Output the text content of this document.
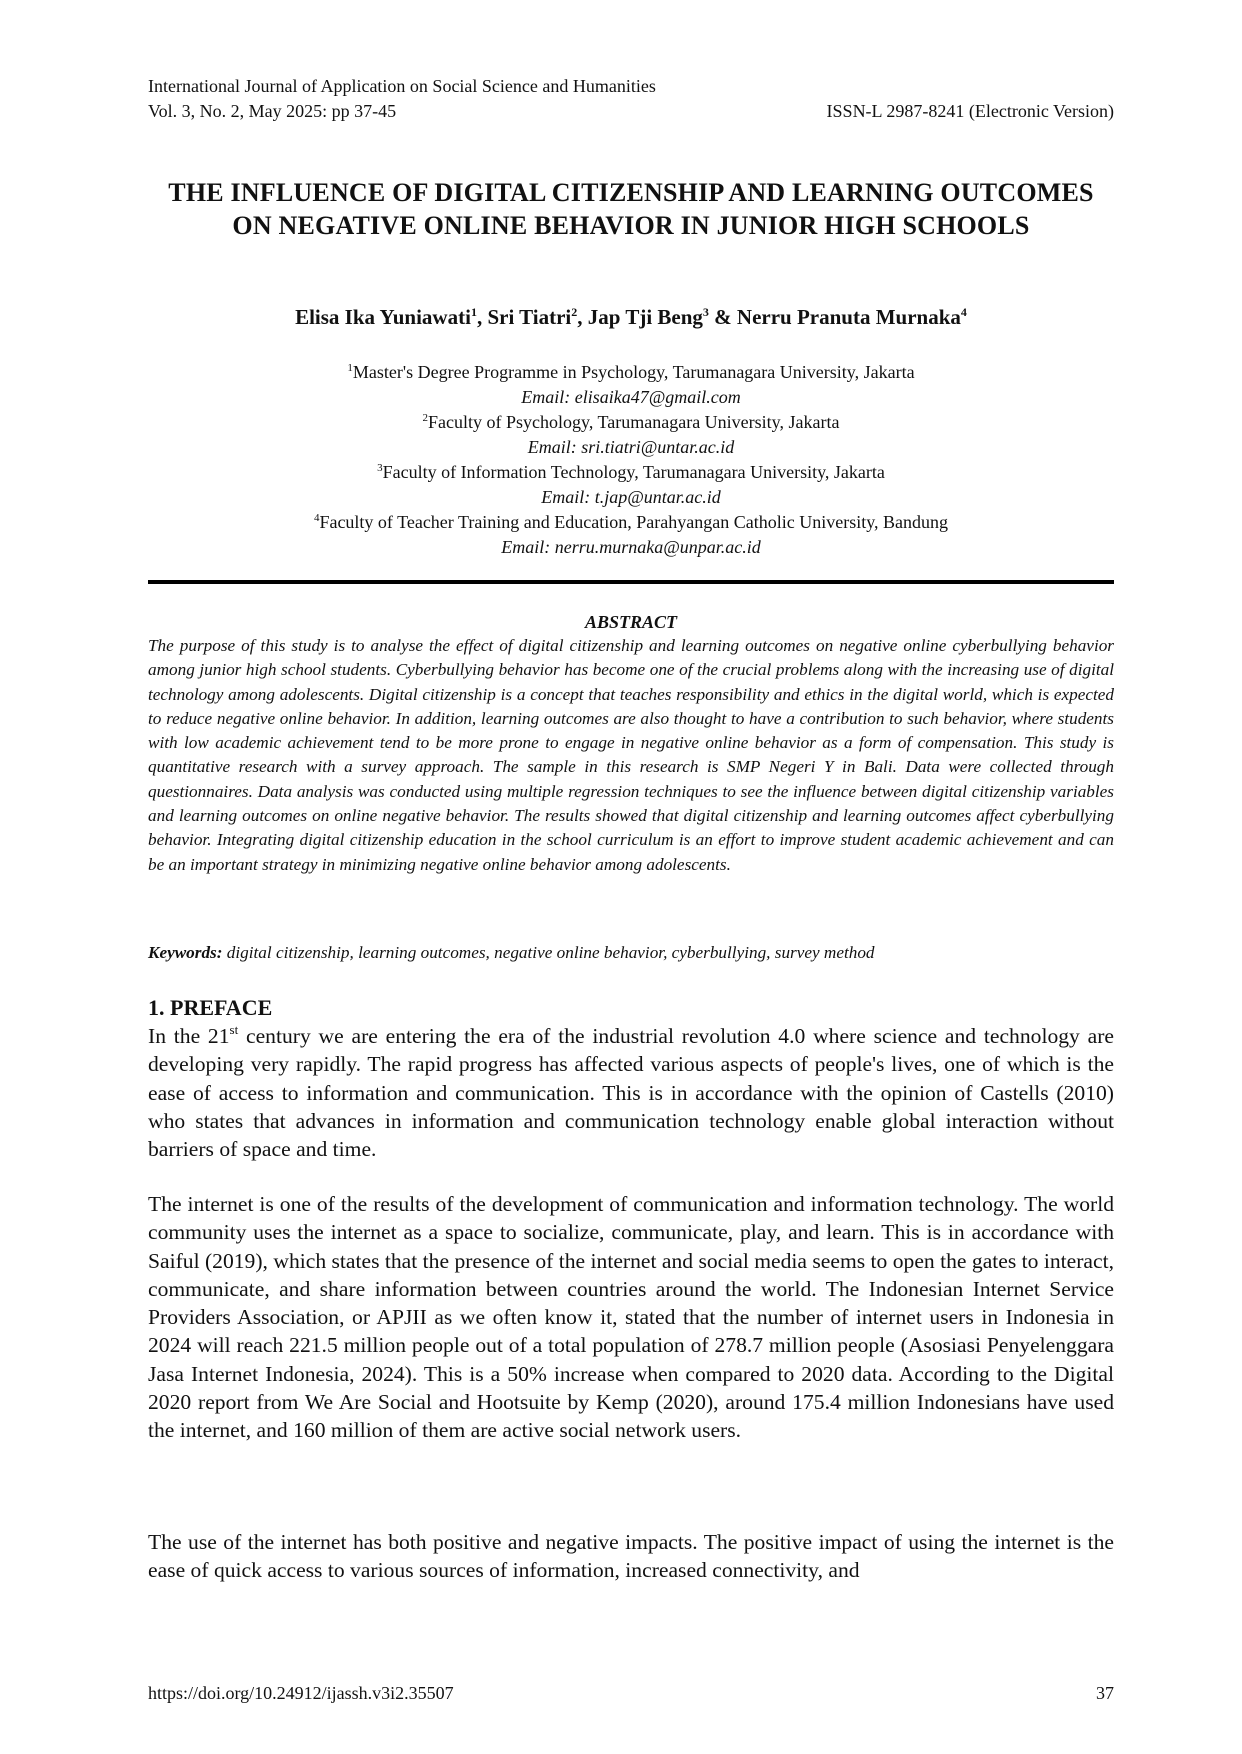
International Journal of Application on Social Science and Humanities
Vol. 3, No. 2, May 2025: pp 37-45	ISSN-L 2987-8241 (Electronic Version)
THE INFLUENCE OF DIGITAL CITIZENSHIP AND LEARNING OUTCOMES ON NEGATIVE ONLINE BEHAVIOR IN JUNIOR HIGH SCHOOLS
Elisa Ika Yuniawati$^1$, Sri Tiatri$^2$, Jap Tji Beng$^3$ & Nerru Pranuta Murnaka$^4$
$^1$Master's Degree Programme in Psychology, Tarumanagara University, Jakarta
Email: elisaika47@gmail.com
$^2$Faculty of Psychology, Tarumanagara University, Jakarta
Email: sri.tiatri@untar.ac.id
$^3$Faculty of Information Technology, Tarumanagara University, Jakarta
Email: t.jap@untar.ac.id
$^4$Faculty of Teacher Training and Education, Parahyangan Catholic University, Bandung
Email: nerru.murnaka@unpar.ac.id
ABSTRACT
The purpose of this study is to analyse the effect of digital citizenship and learning outcomes on negative online cyberbullying behavior among junior high school students. Cyberbullying behavior has become one of the crucial problems along with the increasing use of digital technology among adolescents. Digital citizenship is a concept that teaches responsibility and ethics in the digital world, which is expected to reduce negative online behavior. In addition, learning outcomes are also thought to have a contribution to such behavior, where students with low academic achievement tend to be more prone to engage in negative online behavior as a form of compensation. This study is quantitative research with a survey approach. The sample in this research is SMP Negeri Y in Bali. Data were collected through questionnaires. Data analysis was conducted using multiple regression techniques to see the influence between digital citizenship variables and learning outcomes on online negative behavior. The results showed that digital citizenship and learning outcomes affect cyberbullying behavior. Integrating digital citizenship education in the school curriculum is an effort to improve student academic achievement and can be an important strategy in minimizing negative online behavior among adolescents.
Keywords: digital citizenship, learning outcomes, negative online behavior, cyberbullying, survey method
1. PREFACE
In the 21st century we are entering the era of the industrial revolution 4.0 where science and technology are developing very rapidly. The rapid progress has affected various aspects of people's lives, one of which is the ease of access to information and communication. This is in accordance with the opinion of Castells (2010) who states that advances in information and communication technology enable global interaction without barriers of space and time.
The internet is one of the results of the development of communication and information technology. The world community uses the internet as a space to socialize, communicate, play, and learn. This is in accordance with Saiful (2019), which states that the presence of the internet and social media seems to open the gates to interact, communicate, and share information between countries around the world. The Indonesian Internet Service Providers Association, or APJII as we often know it, stated that the number of internet users in Indonesia in 2024 will reach 221.5 million people out of a total population of 278.7 million people (Asosiasi Penyelenggara Jasa Internet Indonesia, 2024). This is a 50% increase when compared to 2020 data. According to the Digital 2020 report from We Are Social and Hootsuite by Kemp (2020), around 175.4 million Indonesians have used the internet, and 160 million of them are active social network users.
The use of the internet has both positive and negative impacts. The positive impact of using the internet is the ease of quick access to various sources of information, increased connectivity, and
https://doi.org/10.24912/ijassh.v3i2.35507	37
